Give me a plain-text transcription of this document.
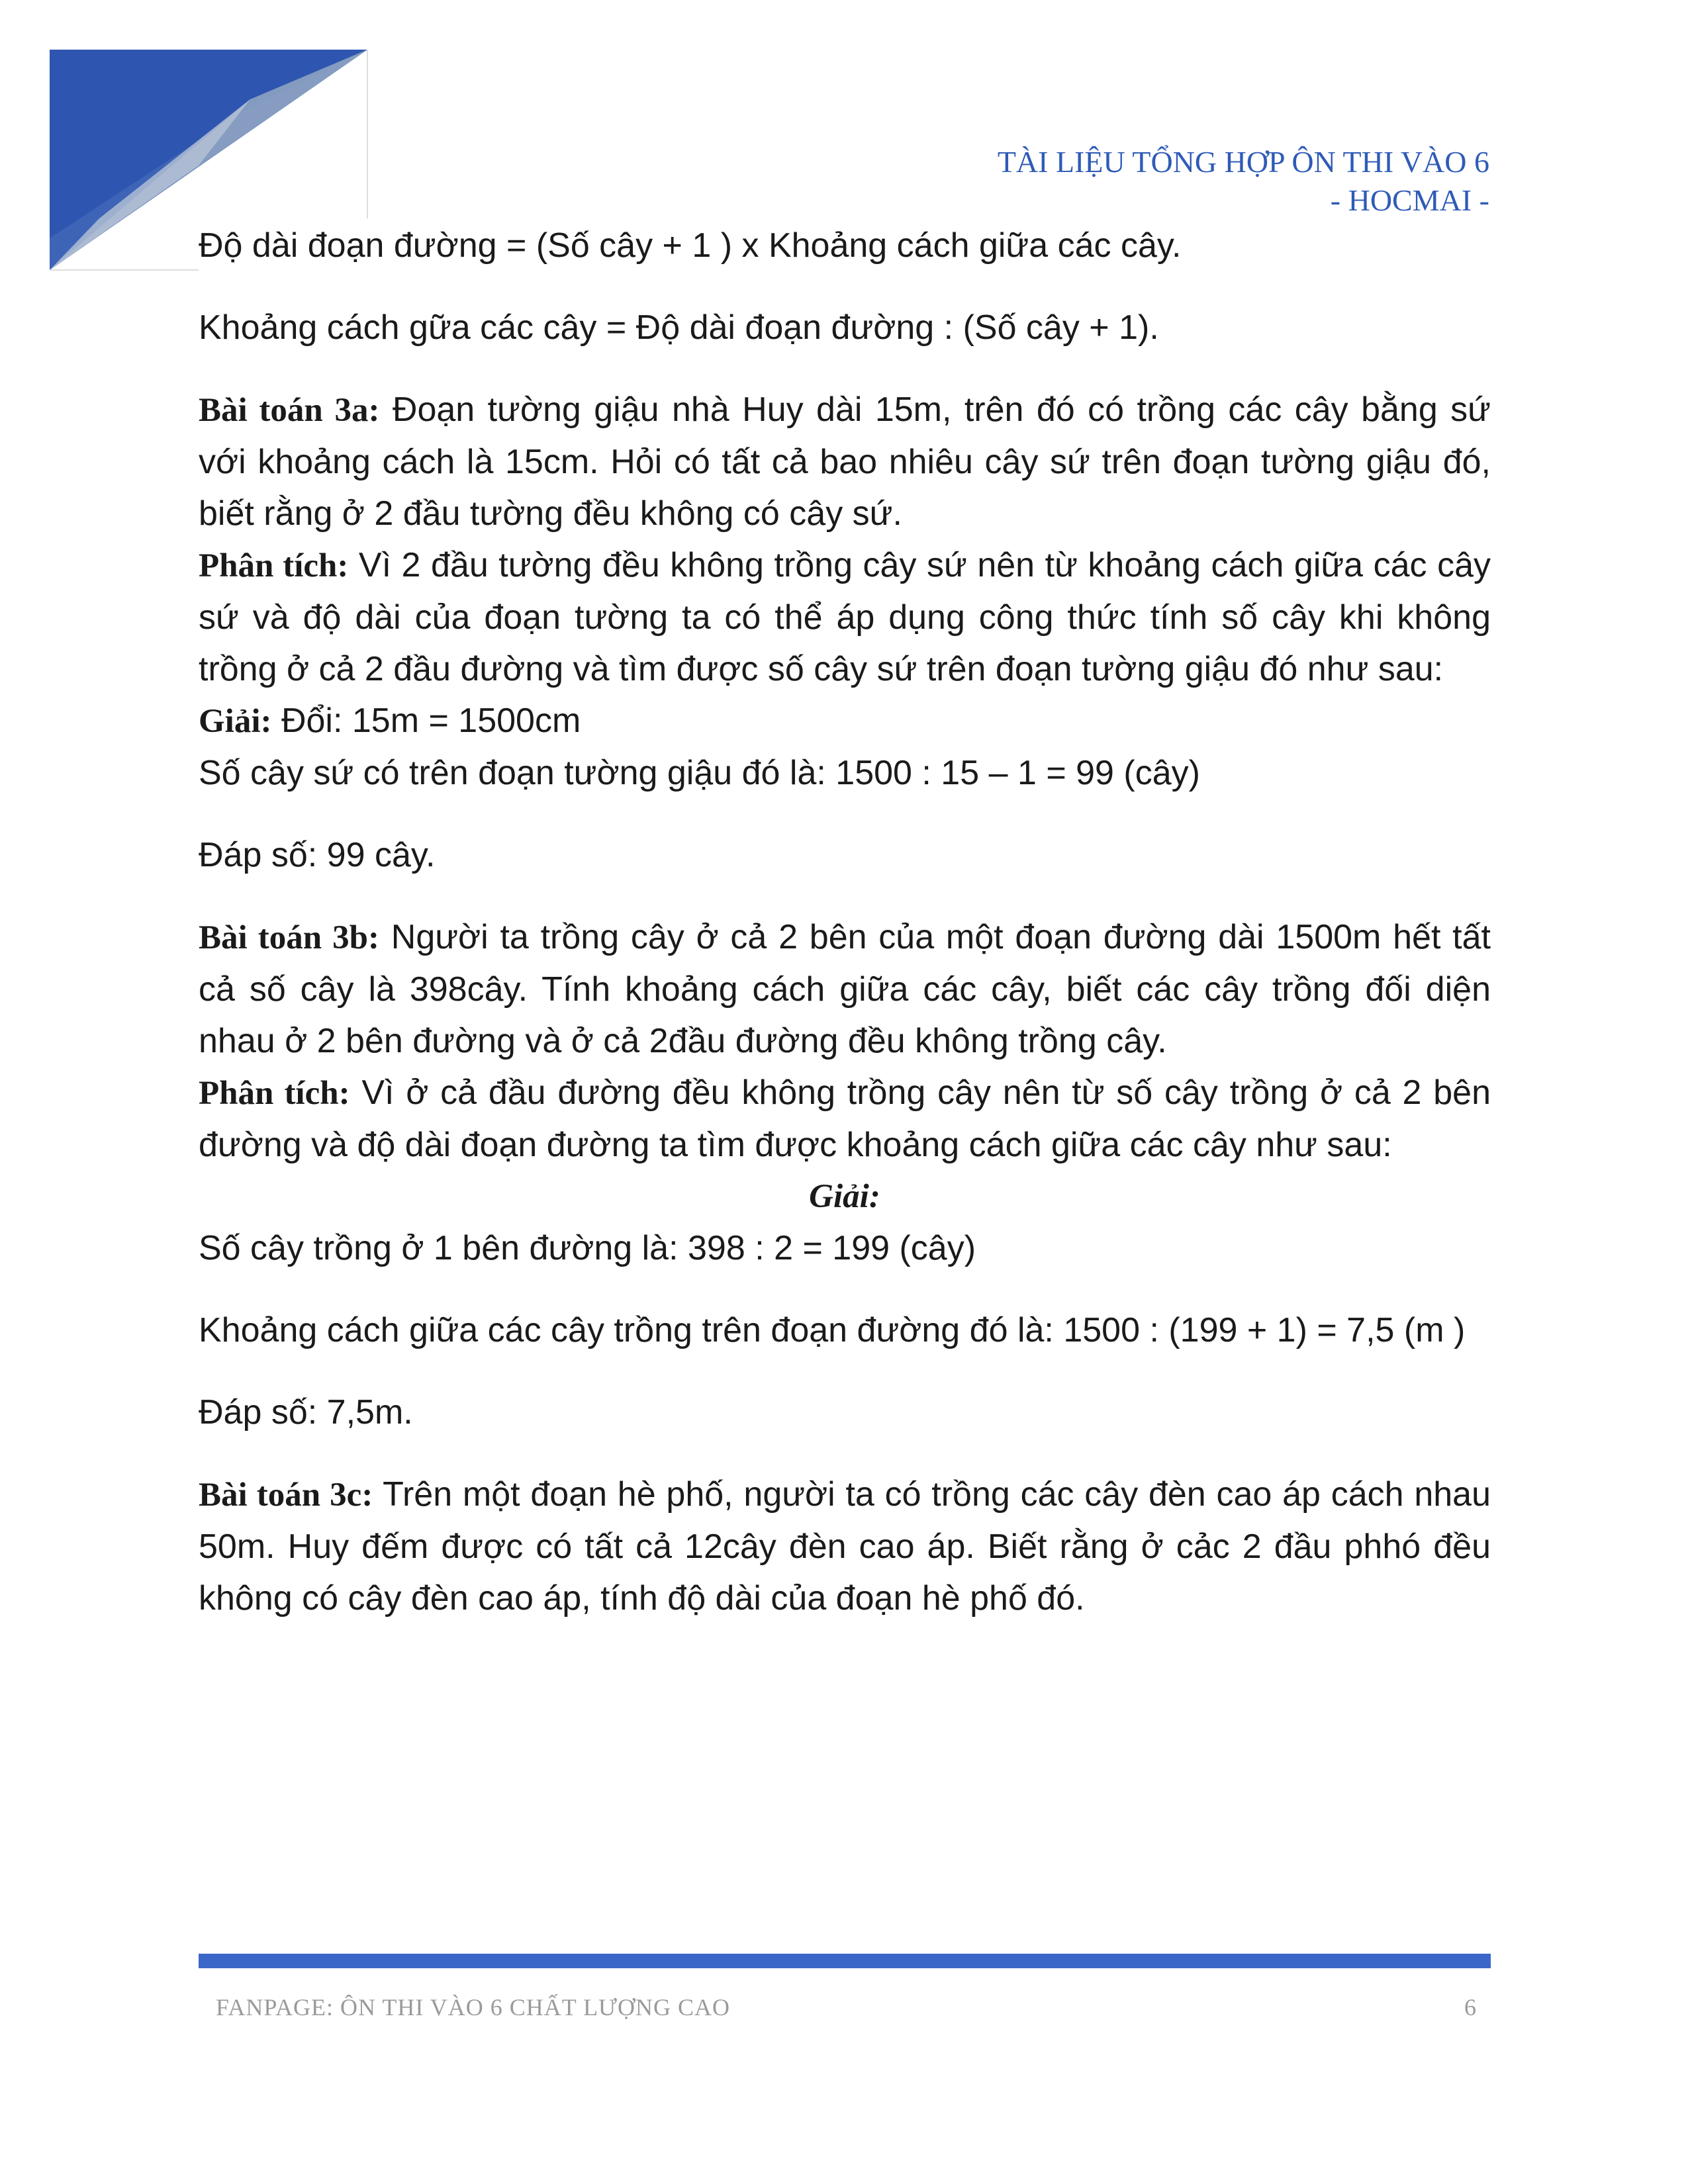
TÀI LIỆU TỔNG HỢP ÔN THI VÀO 6
- HOCMAI -

Độ dài đoạn đường = (Số cây + 1 ) x Khoảng cách giữa các cây.

Khoảng cách gữa các cây = Độ dài đoạn đường : (Số cây + 1).

Bài toán 3a: Đoạn tường giậu nhà Huy dài 15m, trên đó có trồng các cây bằng sứ với khoảng cách là 15cm. Hỏi có tất cả bao nhiêu cây sứ trên đoạn tường giậu đó, biết rằng ở 2 đầu tường đều không có cây sứ.

Phân tích: Vì 2 đầu tường đều không trồng cây sứ nên từ khoảng cách giữa các cây sứ và độ dài của đoạn tường ta có thể áp dụng công thức tính số cây khi không trồng ở cả 2 đầu đường và tìm được số cây sứ trên đoạn tường giậu đó như sau:

Giải: Đổi: 15m = 1500cm

Số cây sứ có trên đoạn tường giậu đó là: 1500 : 15 – 1 = 99 (cây)

Đáp số: 99 cây.

Bài toán 3b: Người ta trồng cây ở cả 2 bên của một đoạn đường dài 1500m hết tất cả số cây là 398cây. Tính khoảng cách giữa các cây, biết các cây trồng đối diện nhau ở 2 bên đường và ở cả 2đầu đường đều không trồng cây.

Phân tích: Vì ở cả đầu đường đều không trồng cây nên từ số cây trồng ở cả 2 bên đường và độ dài đoạn đường ta tìm được khoảng cách giữa các cây như sau:

Giải:

Số cây trồng ở 1 bên đường là: 398 : 2 = 199 (cây)

Khoảng cách giữa các cây trồng trên đoạn đường đó là: 1500 : (199 + 1) = 7,5 (m )

Đáp số: 7,5m.

Bài toán 3c: Trên một đoạn hè phố, người ta có trồng các cây đèn cao áp cách nhau 50m. Huy đếm được có tất cả 12cây đèn cao áp. Biết rằng ở cảc 2 đầu phhó đều không có cây đèn cao áp, tính độ dài của đoạn hè phố đó.

FANPAGE: ÔN THI VÀO 6 CHẤT LƯỢNG CAO	6
